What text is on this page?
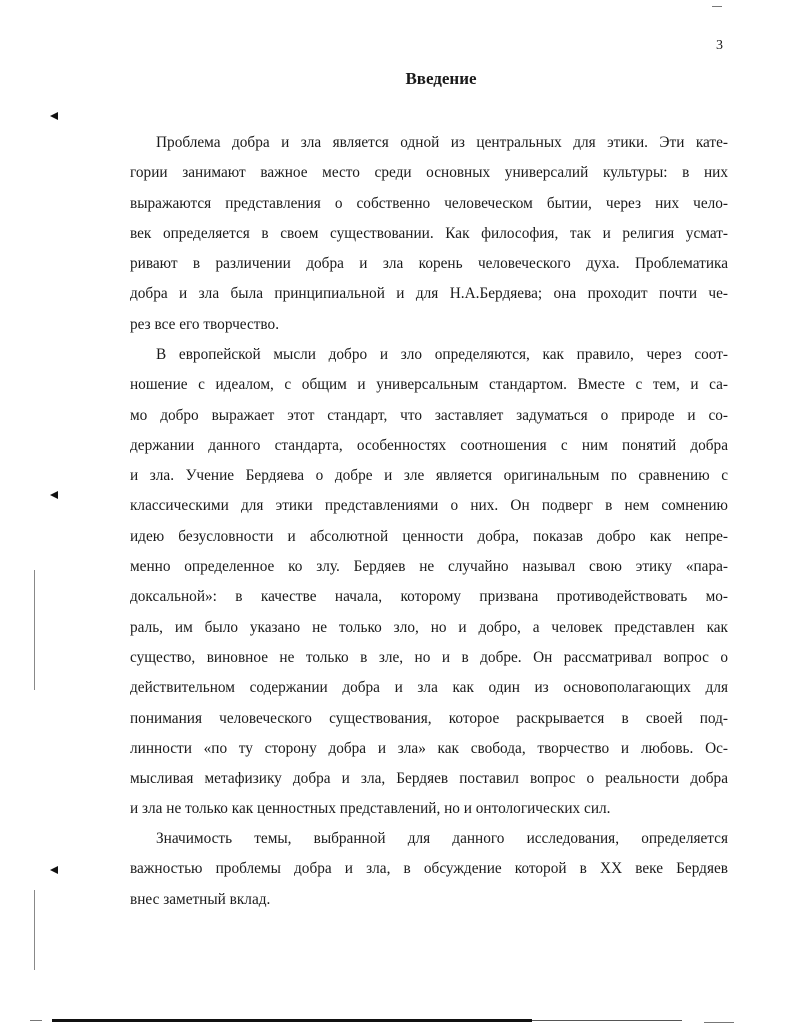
3
Введение
Проблема добра и зла является одной из центральных для этики. Эти кате-
гории занимают важное место среди основных универсалий культуры: в них
выражаются представления о собственно человеческом бытии, через них чело-
век определяется в своем существовании. Как философия, так и религия усмат-
ривают в различении добра и зла корень человеческого духа. Проблематика
добра и зла была принципиальной и для Н.А.Бердяева; она проходит почти че-
рез все его творчество.
В европейской мысли добро и зло определяются, как правило, через соот-
ношение с идеалом, с общим и универсальным стандартом. Вместе с тем, и са-
мо добро выражает этот стандарт, что заставляет задуматься о природе и со-
держании данного стандарта, особенностях соотношения с ним понятий добра
и зла. Учение Бердяева о добре и зле является оригинальным по сравнению с
классическими для этики представлениями о них. Он подверг в нем сомнению
идею безусловности и абсолютной ценности добра, показав добро как непре-
менно определенное ко злу. Бердяев не случайно называл свою этику «пара-
доксальной»: в качестве начала, которому призвана противодействовать мо-
раль, им было указано не только зло, но и добро, а человек представлен как
существо, виновное не только в зле, но и в добре. Он рассматривал вопрос о
действительном содержании добра и зла как один из основополагающих для
понимания человеческого существования, которое раскрывается в своей под-
линности «по ту сторону добра и зла» как свобода, творчество и любовь. Ос-
мысливая метафизику добра и зла, Бердяев поставил вопрос о реальности добра
и зла не только как ценностных представлений, но и онтологических сил.
Значимость темы, выбранной для данного исследования, определяется
важностью проблемы добра и зла, в обсуждение которой в XX веке Бердяев
внес заметный вклад.
